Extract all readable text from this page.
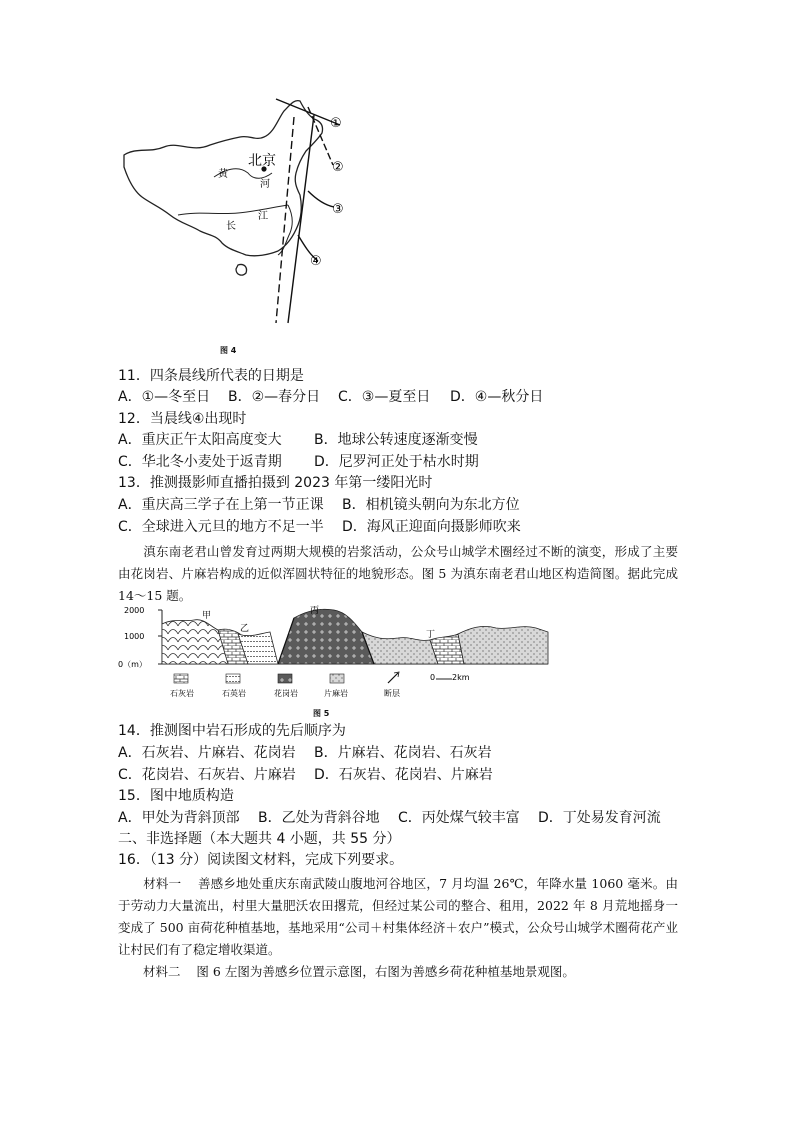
北京
黄
河
长
江
①
②
③
④
图 4
11．四条晨线所代表的日期是
A．①—冬至日 B．②—春分日 C．③—夏至日 D．④—秋分日
12．当晨线④出现时
A．重庆正午太阳高度变大 B．地球公转速度逐渐变慢
C．华北冬小麦处于返青期 D．尼罗河正处于枯水时期
13．推测摄影师直播拍摄到 2023 年第一缕阳光时
A．重庆高三学子在上第一节正课 B．相机镜头朝向为东北方位
C．全球进入元旦的地方不足一半 D．海风正迎面向摄影师吹来
滇东南老君山曾发育过两期大规模的岩浆活动，公众号山城学术圈经过不断的演变，形成了主要由花岗岩、片麻岩构成的近似浑圆状特征的地貌形态。图 5 为滇东南老君山地区构造简图。据此完成 14～15 题。
2000
1000
0（m）
甲
乙
丙
丁
石灰岩	石英岩	花岗岩	片麻岩	断层
0 2km
图 5
14．推测图中岩石形成的先后顺序为
A．石灰岩、片麻岩、花岗岩 B．片麻岩、花岗岩、石灰岩
C．花岗岩、石灰岩、片麻岩 D．石灰岩、花岗岩、片麻岩
15．图中地质构造
A．甲处为背斜顶部 B．乙处为背斜谷地 C．丙处煤气较丰富 D．丁处易发育河流
二、非选择题（本大题共 4 小题，共 55 分）
16．（13 分）阅读图文材料，完成下列要求。
材料一 善感乡地处重庆东南武陵山腹地河谷地区，7 月均温 26℃，年降水量 1060 毫米。由于劳动力大量流出，村里大量肥沃农田撂荒，但经过某公司的整合、租用，2022 年 8 月荒地摇身一变成了 500 亩荷花种植基地，基地采用“公司＋村集体经济＋农户”模式，公众号山城学术圈荷花产业让村民们有了稳定增收渠道。
材料二 图 6 左图为善感乡位置示意图，右图为善感乡荷花种植基地景观图。
